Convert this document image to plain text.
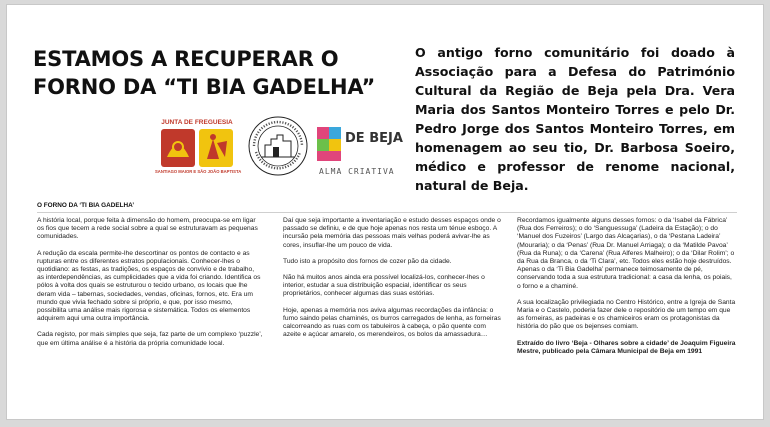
ESTAMOS A RECUPERAR O
FORNO DA “TI BIA GADELHA”
O antigo forno comunitário foi doado à Associação para a Defesa do Património Cultural da Região de Beja pela Dra. Vera Maria dos Santos Monteiro Torres e pelo Dr. Pedro Jorge dos Santos Monteiro Torres, em homenagem ao seu tio, Dr. Barbosa Soeiro, médico e professor de renome nacional, natural de Beja.
JUNTA DE FREGUESIA
SANTIAGO MAIOR E SÃO JOÃO BAPTISTA
DE BEJA
ALMA CRIATIVA
O FORNO DA ‘TI BIA GADELHA’

A história local, porque feita à dimensão do homem, preocupa-se em ligar os fios que tecem a rede social sobre a qual se estruturavam as pequenas comunidades.

A redução da escala permite-lhe descortinar os pontos de contacto e as rupturas entre os diferentes estratos populacionais. Conhecer-lhes o quotidiano: as festas, as tradições, os espaços de convívio e de trabalho, as interdependências, as cumplicidades que a vida foi criando. Identifica os pólos à volta dos quais se estruturou o tecido urbano, os locais que lhe deram vida – tabernas, sociedades, vendas, oficinas, fornos, etc. Era um mundo que vivia fechado sobre si próprio, e que, por isso mesmo, possibilita uma análise mais rigorosa e sistemática. Todos os elementos adquirem aqui uma outra importância.

Cada registo, por mais simples que seja, faz parte de um complexo ‘puzzle’, que em última análise é a história da própria comunidade local.

Daí que seja importante a inventariação e estudo desses espaços onde o passado se definiu, e de que hoje apenas nos resta um ténue esboço. A incursão pela memória das pessoas mais velhas poderá avivar-lhe as cores, insuflar-lhe um pouco de vida.

Tudo isto a propósito dos fornos de cozer pão da cidade.

Não há muitos anos ainda era possível localizá-los, conhecer-lhes o interior, estudar a sua distribuição espacial, identificar os seus proprietários, conhecer algumas das suas estórias.

Hoje, apenas a memória nos aviva algumas recordações da infância: o fumo saindo pelas chaminés, os burros carregados de lenha, as forneiras calcorreando as ruas com os tabuleiros à cabeça, o pão quente com azeite e açúcar amarelo, os merendeiros, os bolos da amassadura…

Recordamos igualmente alguns desses fornos: o da ‘Isabel da Fábrica’ (Rua dos Ferreiros); o do ‘Sanguessuga’ (Ladeira da Estação); o do ‘Manuel dos Fuzeiros’ (Largo das Alcaçarias), o da ‘Pestana Ladeira’ (Mouraria); o da ‘Penas’ (Rua Dr. Manuel Arriaga); o da ‘Matilde Pavoa’ (Rua da Runa); o da ‘Carena’ (Rua Alferes Malheiro); o da ‘Dilar Rolim’; o da Rua da Branca, o da ‘Ti Clara’, etc. Todos eles estão hoje destruídos. Apenas o da ‘Ti Bia Gadelha’ permanece teimosamente de pé, conservando toda a sua estrutura tradicional: a casa da lenha, os poiais, o forno e a chaminé.

A sua localização privilegiada no Centro Histórico, entre a Igreja de Santa Maria e o Castelo, poderia fazer dele o repositório de um tempo em que as forneiras, as padeiras e os chamiceiros eram os protagonistas da história do pão que os bejenses comiam.

Extraído do livro ‘Beja - Olhares sobre a cidade’ de Joaquim Figueira Mestre, publicado pela Câmara Municipal de Beja em 1991
